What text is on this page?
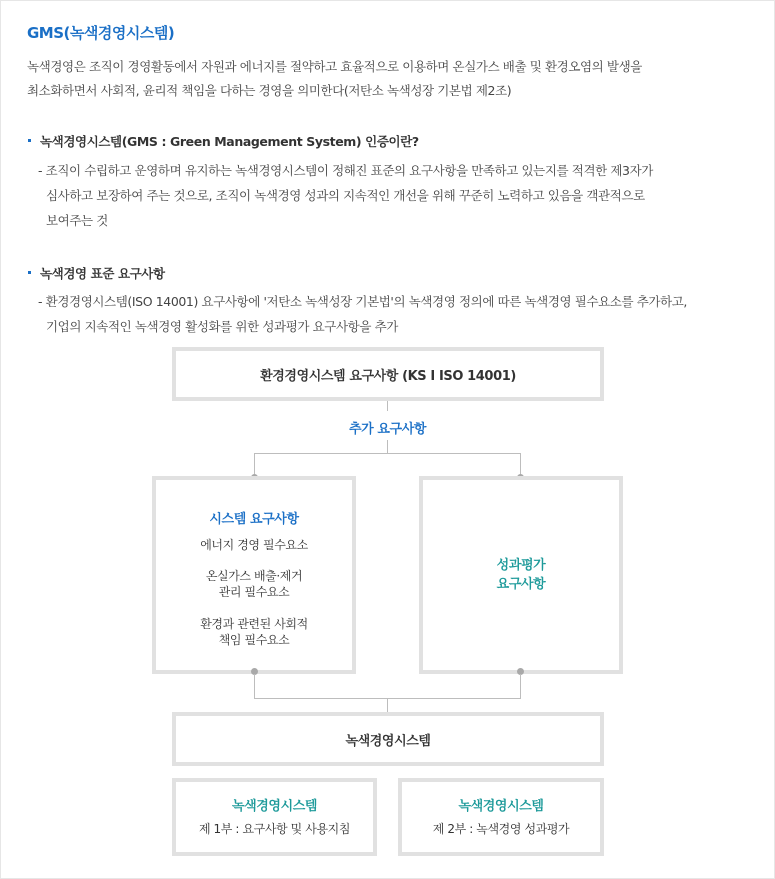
GMS(녹색경영시스템)
녹색경영은 조직이 경영활동에서 자원과 에너지를 절약하고 효율적으로 이용하며 온실가스 배출 및 환경오염의 발생을
최소화하면서 사회적, 윤리적 책임을 다하는 경영을 의미한다(저탄소 녹색성장 기본법 제2조)
녹색경영시스템(GMS : Green Management System) 인증이란?
- 조직이 수립하고 운영하며 유지하는 녹색경영시스템이 정해진 표준의 요구사항을 만족하고 있는지를 적격한 제3자가
심사하고 보장하여 주는 것으로, 조직이 녹색경영 성과의 지속적인 개선을 위해 꾸준히 노력하고 있음을 객관적으로
보여주는 것
녹색경영 표준 요구사항
- 환경경영시스템(ISO 14001) 요구사항에 '저탄소 녹색성장 기본법'의 녹색경영 정의에 따른 녹색경영 필수요소를 추가하고,
기업의 지속적인 녹색경영 활성화를 위한 성과평가 요구사항을 추가
환경경영시스템 요구사항 (KS I ISO 14001)
추가 요구사항
시스템 요구사항
에너지 경영 필수요소
온실가스 배출·제거
관리 필수요소
환경과 관련된 사회적
책임 필수요소
성과평가
요구사항
녹색경영시스템
녹색경영시스템
제 1부 : 요구사항 및 사용지침
녹색경영시스템
제 2부 : 녹색경영 성과평가
